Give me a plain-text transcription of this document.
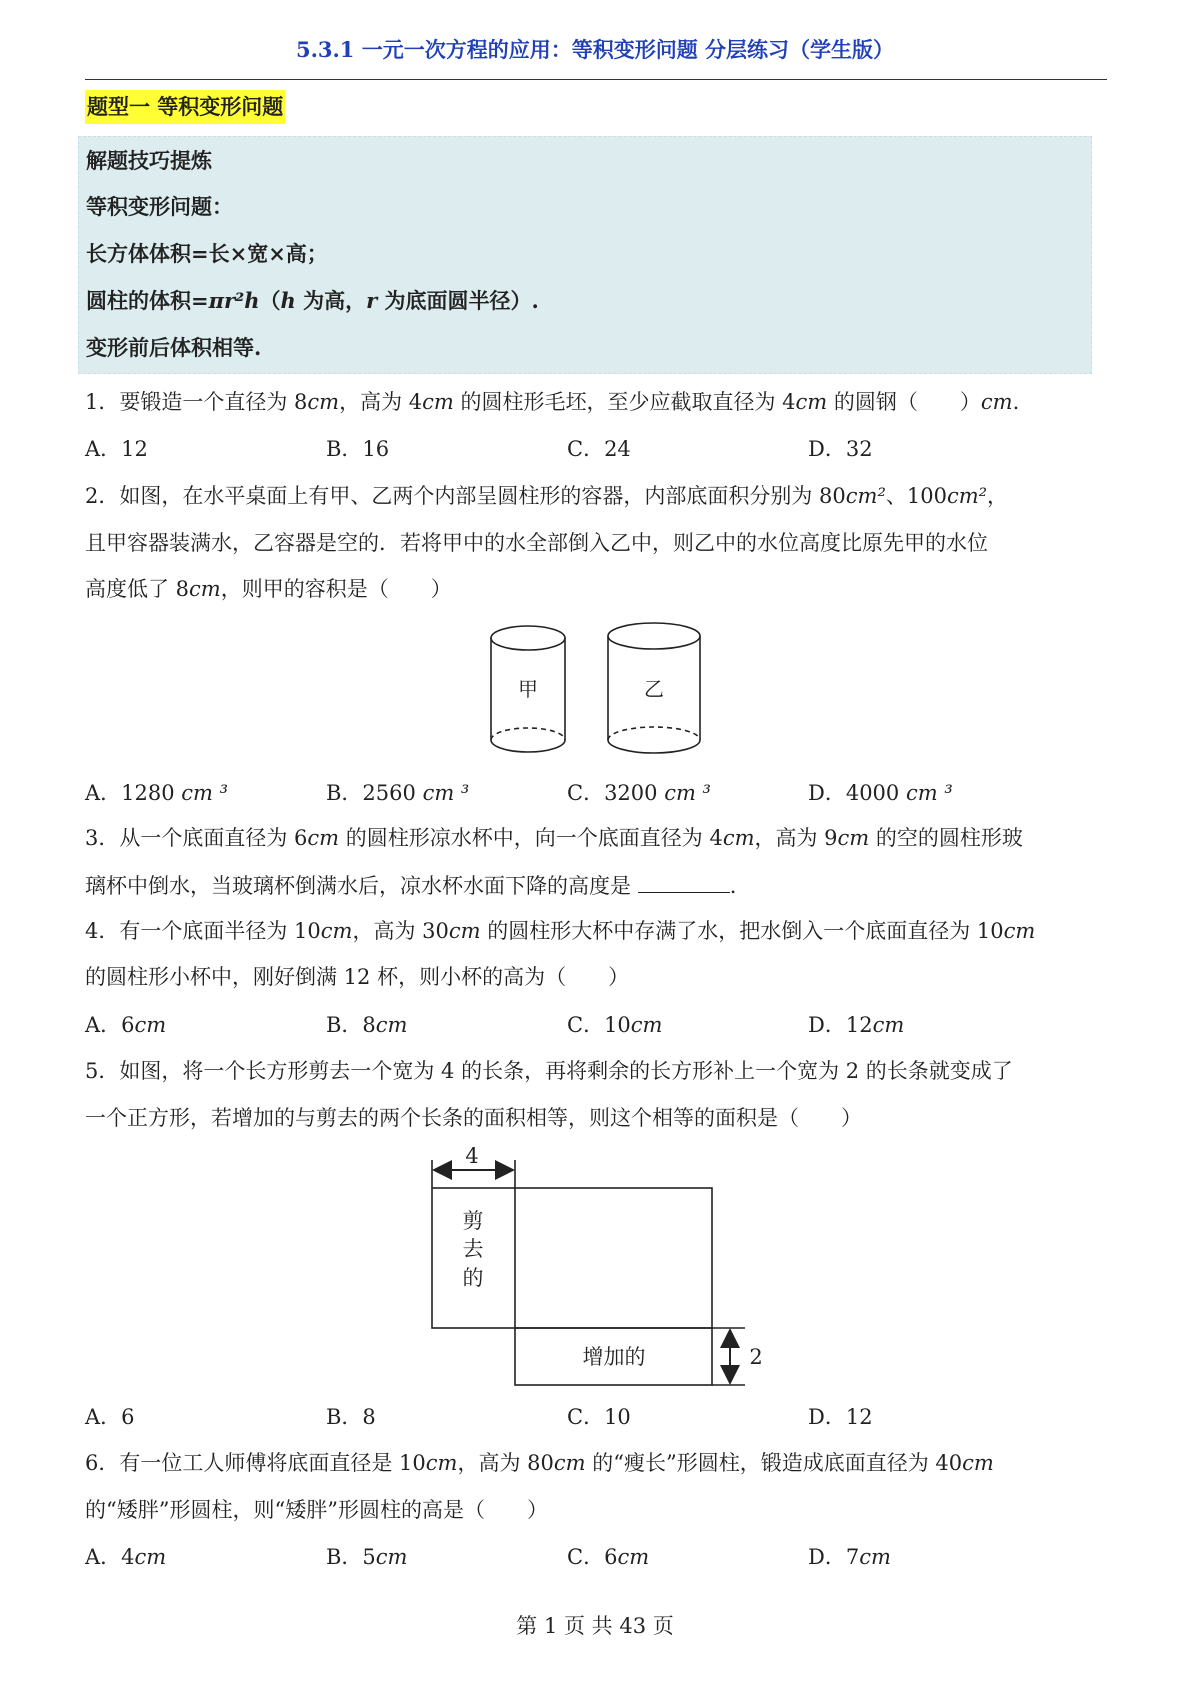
5.3.1 一元一次方程的应用：等积变形问题 分层练习（学生版）
题型一 等积变形问题
解题技巧提炼
等积变形问题：
长方体体积=长×宽×高；
圆柱的体积=πr²h（h 为高，r 为底面圆半径）.
变形前后体积相等.
1．要锻造一个直径为 8cm，高为 4cm 的圆柱形毛坯，至少应截取直径为 4cm 的圆钢（　　）cm.
A．12	B．16	C．24	D．32
2．如图，在水平桌面上有甲、乙两个内部呈圆柱形的容器，内部底面积分别为 80cm²、100cm²，
且甲容器装满水，乙容器是空的．若将甲中的水全部倒入乙中，则乙中的水位高度比原先甲的水位
高度低了 8cm，则甲的容积是（　　）
甲	乙
A．1280 cm ³	B．2560 cm ³	C．3200 cm ³	D．4000 cm ³
3．从一个底面直径为 6cm 的圆柱形凉水杯中，向一个底面直径为 4cm，高为 9cm 的空的圆柱形玻
璃杯中倒水，当玻璃杯倒满水后，凉水杯水面下降的高度是	.
4．有一个底面半径为 10cm，高为 30cm 的圆柱形大杯中存满了水，把水倒入一个底面直径为 10cm
的圆柱形小杯中，刚好倒满 12 杯，则小杯的高为（　　）
A．6cm	B．8cm	C．10cm	D．12cm
5．如图，将一个长方形剪去一个宽为 4 的长条，再将剩余的长方形补上一个宽为 2 的长条就变成了
一个正方形，若增加的与剪去的两个长条的面积相等，则这个相等的面积是（　　）
4
剪
去
的
增加的	2
A．6	B．8	C．10	D．12
6．有一位工人师傅将底面直径是 10cm，高为 80cm 的“瘦长”形圆柱，锻造成底面直径为 40cm
的“矮胖”形圆柱，则“矮胖”形圆柱的高是（　　）
A．4cm	B．5cm	C．6cm	D．7cm
第 1 页 共 43 页
